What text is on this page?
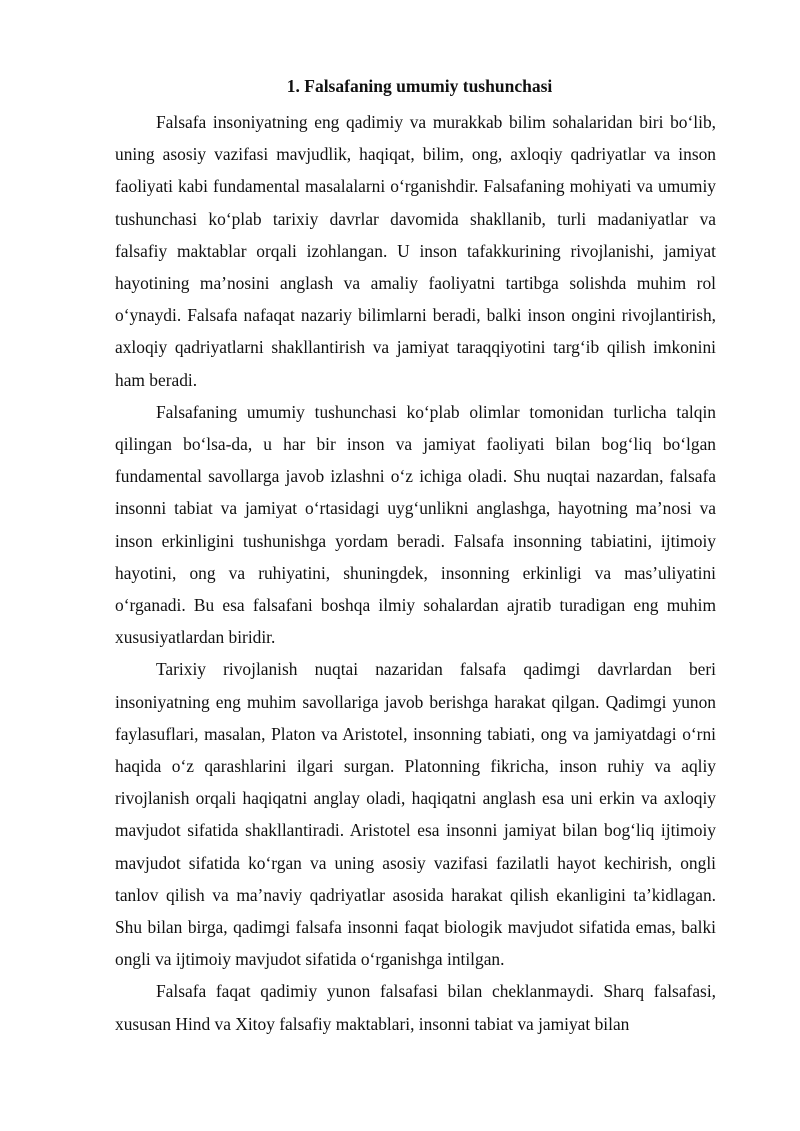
1. Falsafaning umumiy tushunchasi

Falsafa insoniyatning eng qadimiy va murakkab bilim sohalaridan biri bo‘lib, uning asosiy vazifasi mavjudlik, haqiqat, bilim, ong, axloqiy qadriyatlar va inson faoliyati kabi fundamental masalalarni o‘rganishdir. Falsafaning mohiyati va umumiy tushunchasi ko‘plab tarixiy davrlar davomida shakllanib, turli madaniyatlar va falsafiy maktablar orqali izohlangan. U inson tafakkurining rivojlanishi, jamiyat hayotining ma’nosini anglash va amaliy faoliyatni tartibga solishda muhim rol o‘ynaydi. Falsafa nafaqat nazariy bilimlarni beradi, balki inson ongini rivojlantirish, axloqiy qadriyatlarni shakllantirish va jamiyat taraqqiyotini targ‘ib qilish imkonini ham beradi.

Falsafaning umumiy tushunchasi ko‘plab olimlar tomonidan turlicha talqin qilingan bo‘lsa-da, u har bir inson va jamiyat faoliyati bilan bog‘liq bo‘lgan fundamental savollarga javob izlashni o‘z ichiga oladi. Shu nuqtai nazardan, falsafa insonni tabiat va jamiyat o‘rtasidagi uyg‘unlikni anglashga, hayotning ma’nosi va inson erkinligini tushunishga yordam beradi. Falsafa insonning tabiatini, ijtimoiy hayotini, ong va ruhiyatini, shuningdek, insonning erkinligi va mas’uliyatini o‘rganadi. Bu esa falsafani boshqa ilmiy sohalardan ajratib turadigan eng muhim xususiyatlardan biridir.

Tarixiy rivojlanish nuqtai nazaridan falsafa qadimgi davrlardan beri insoniyatning eng muhim savollariga javob berishga harakat qilgan. Qadimgi yunon faylasuflari, masalan, Platon va Aristotel, insonning tabiati, ong va jamiyatdagi o‘rni haqida o‘z qarashlarini ilgari surgan. Platonning fikricha, inson ruhiy va aqliy rivojlanish orqali haqiqatni anglay oladi, haqiqatni anglash esa uni erkin va axloqiy mavjudot sifatida shakllantiradi. Aristotel esa insonni jamiyat bilan bog‘liq ijtimoiy mavjudot sifatida ko‘rgan va uning asosiy vazifasi fazilatli hayot kechirish, ongli tanlov qilish va ma’naviy qadriyatlar asosida harakat qilish ekanligini ta’kidlagan. Shu bilan birga, qadimgi falsafa insonni faqat biologik mavjudot sifatida emas, balki ongli va ijtimoiy mavjudot sifatida o‘rganishga intilgan.

Falsafa faqat qadimiy yunon falsafasi bilan cheklanmaydi. Sharq falsafasi, xususan Hind va Xitoy falsafiy maktablari, insonni tabiat va jamiyat bilan
